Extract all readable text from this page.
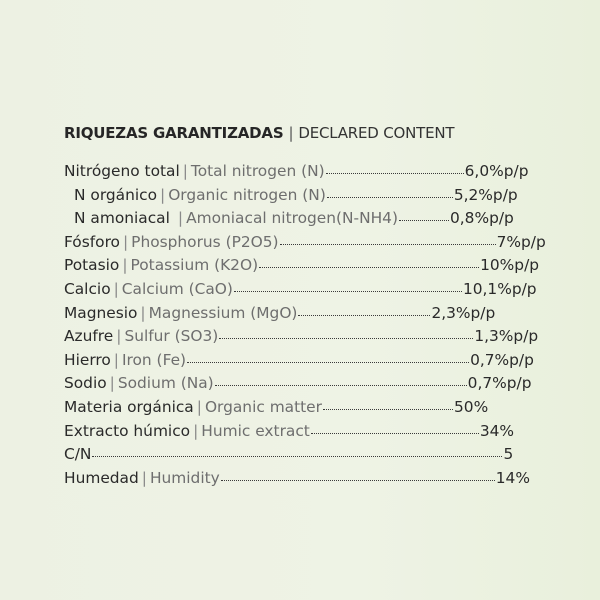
RIQUEZAS GARANTIZADAS | DECLARED CONTENT
Nitrógeno total | Total nitrogen (N)	6,0%p/p
N orgánico | Organic nitrogen (N)	5,2%p/p
N amoniacal | Amoniacal nitrogen(N-NH4)	0,8%p/p
Fósforo | Phosphorus (P2O5)	7%p/p
Potasio | Potassium (K2O)	10%p/p
Calcio | Calcium (CaO)	10,1%p/p
Magnesio | Magnessium (MgO)	2,3%p/p
Azufre | Sulfur (SO3)	1,3%p/p
Hierro | Iron (Fe)	0,7%p/p
Sodio | Sodium (Na)	0,7%p/p
Materia orgánica | Organic matter	50%
Extracto húmico | Humic extract	34%
C/N	5
Humedad | Humidity	14%
